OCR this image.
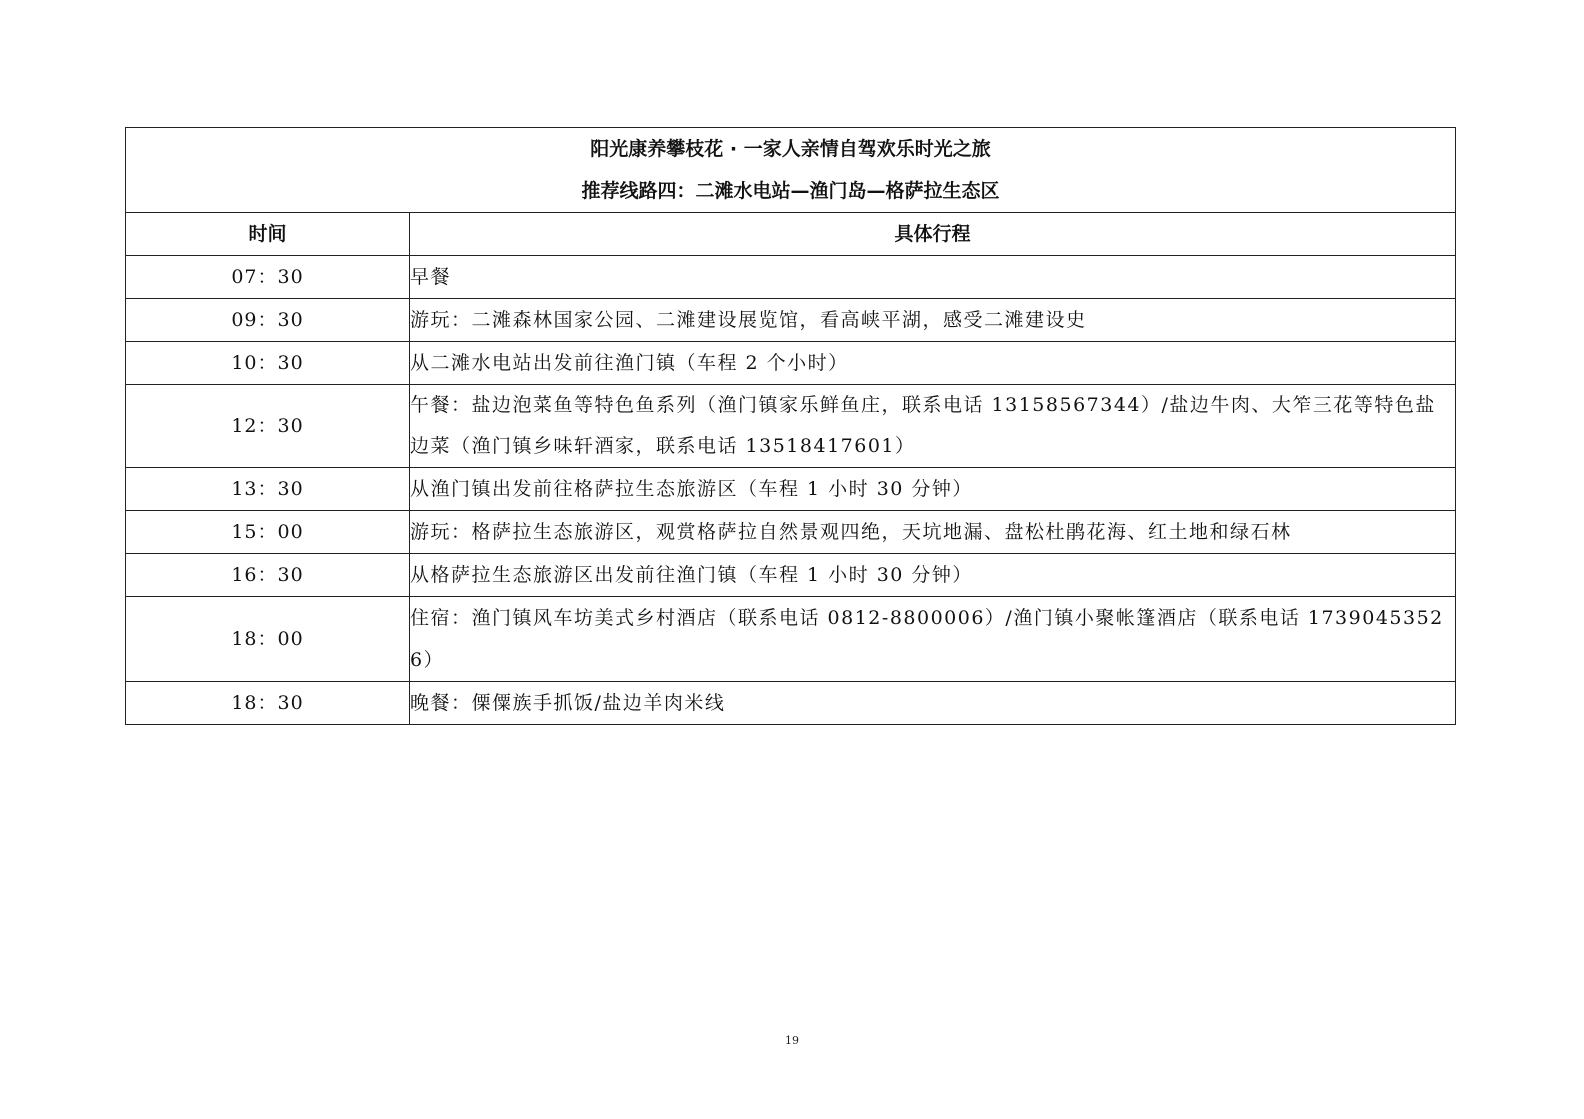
阳光康养攀枝花 · 一家人亲情自驾欢乐时光之旅
推荐线路四：二滩水电站—渔门岛—格萨拉生态区	

时间	具体行程
07：30	早餐
09：30	游玩：二滩森林国家公园、二滩建设展览馆，看高峡平湖，感受二滩建设史
10：30	从二滩水电站出发前往渔门镇（车程 2 个小时）
12：30	午餐：盐边泡菜鱼等特色鱼系列（渔门镇家乐鲜鱼庄，联系电话 13158567344）/盐边牛肉、大笮三花等特色盐边菜（渔门镇乡味轩酒家，联系电话 13518417601）
13：30	从渔门镇出发前往格萨拉生态旅游区（车程 1 小时 30 分钟）
15：00	游玩：格萨拉生态旅游区，观赏格萨拉自然景观四绝，天坑地漏、盘松杜鹃花海、红土地和绿石林
16：30	从格萨拉生态旅游区出发前往渔门镇（车程 1 小时 30 分钟）
18：00	住宿：渔门镇风车坊美式乡村酒店（联系电话 0812-8800006）/渔门镇小聚帐篷酒店（联系电话 17390453526）
18：30	晚餐：傈僳族手抓饭/盐边羊肉米线
19
